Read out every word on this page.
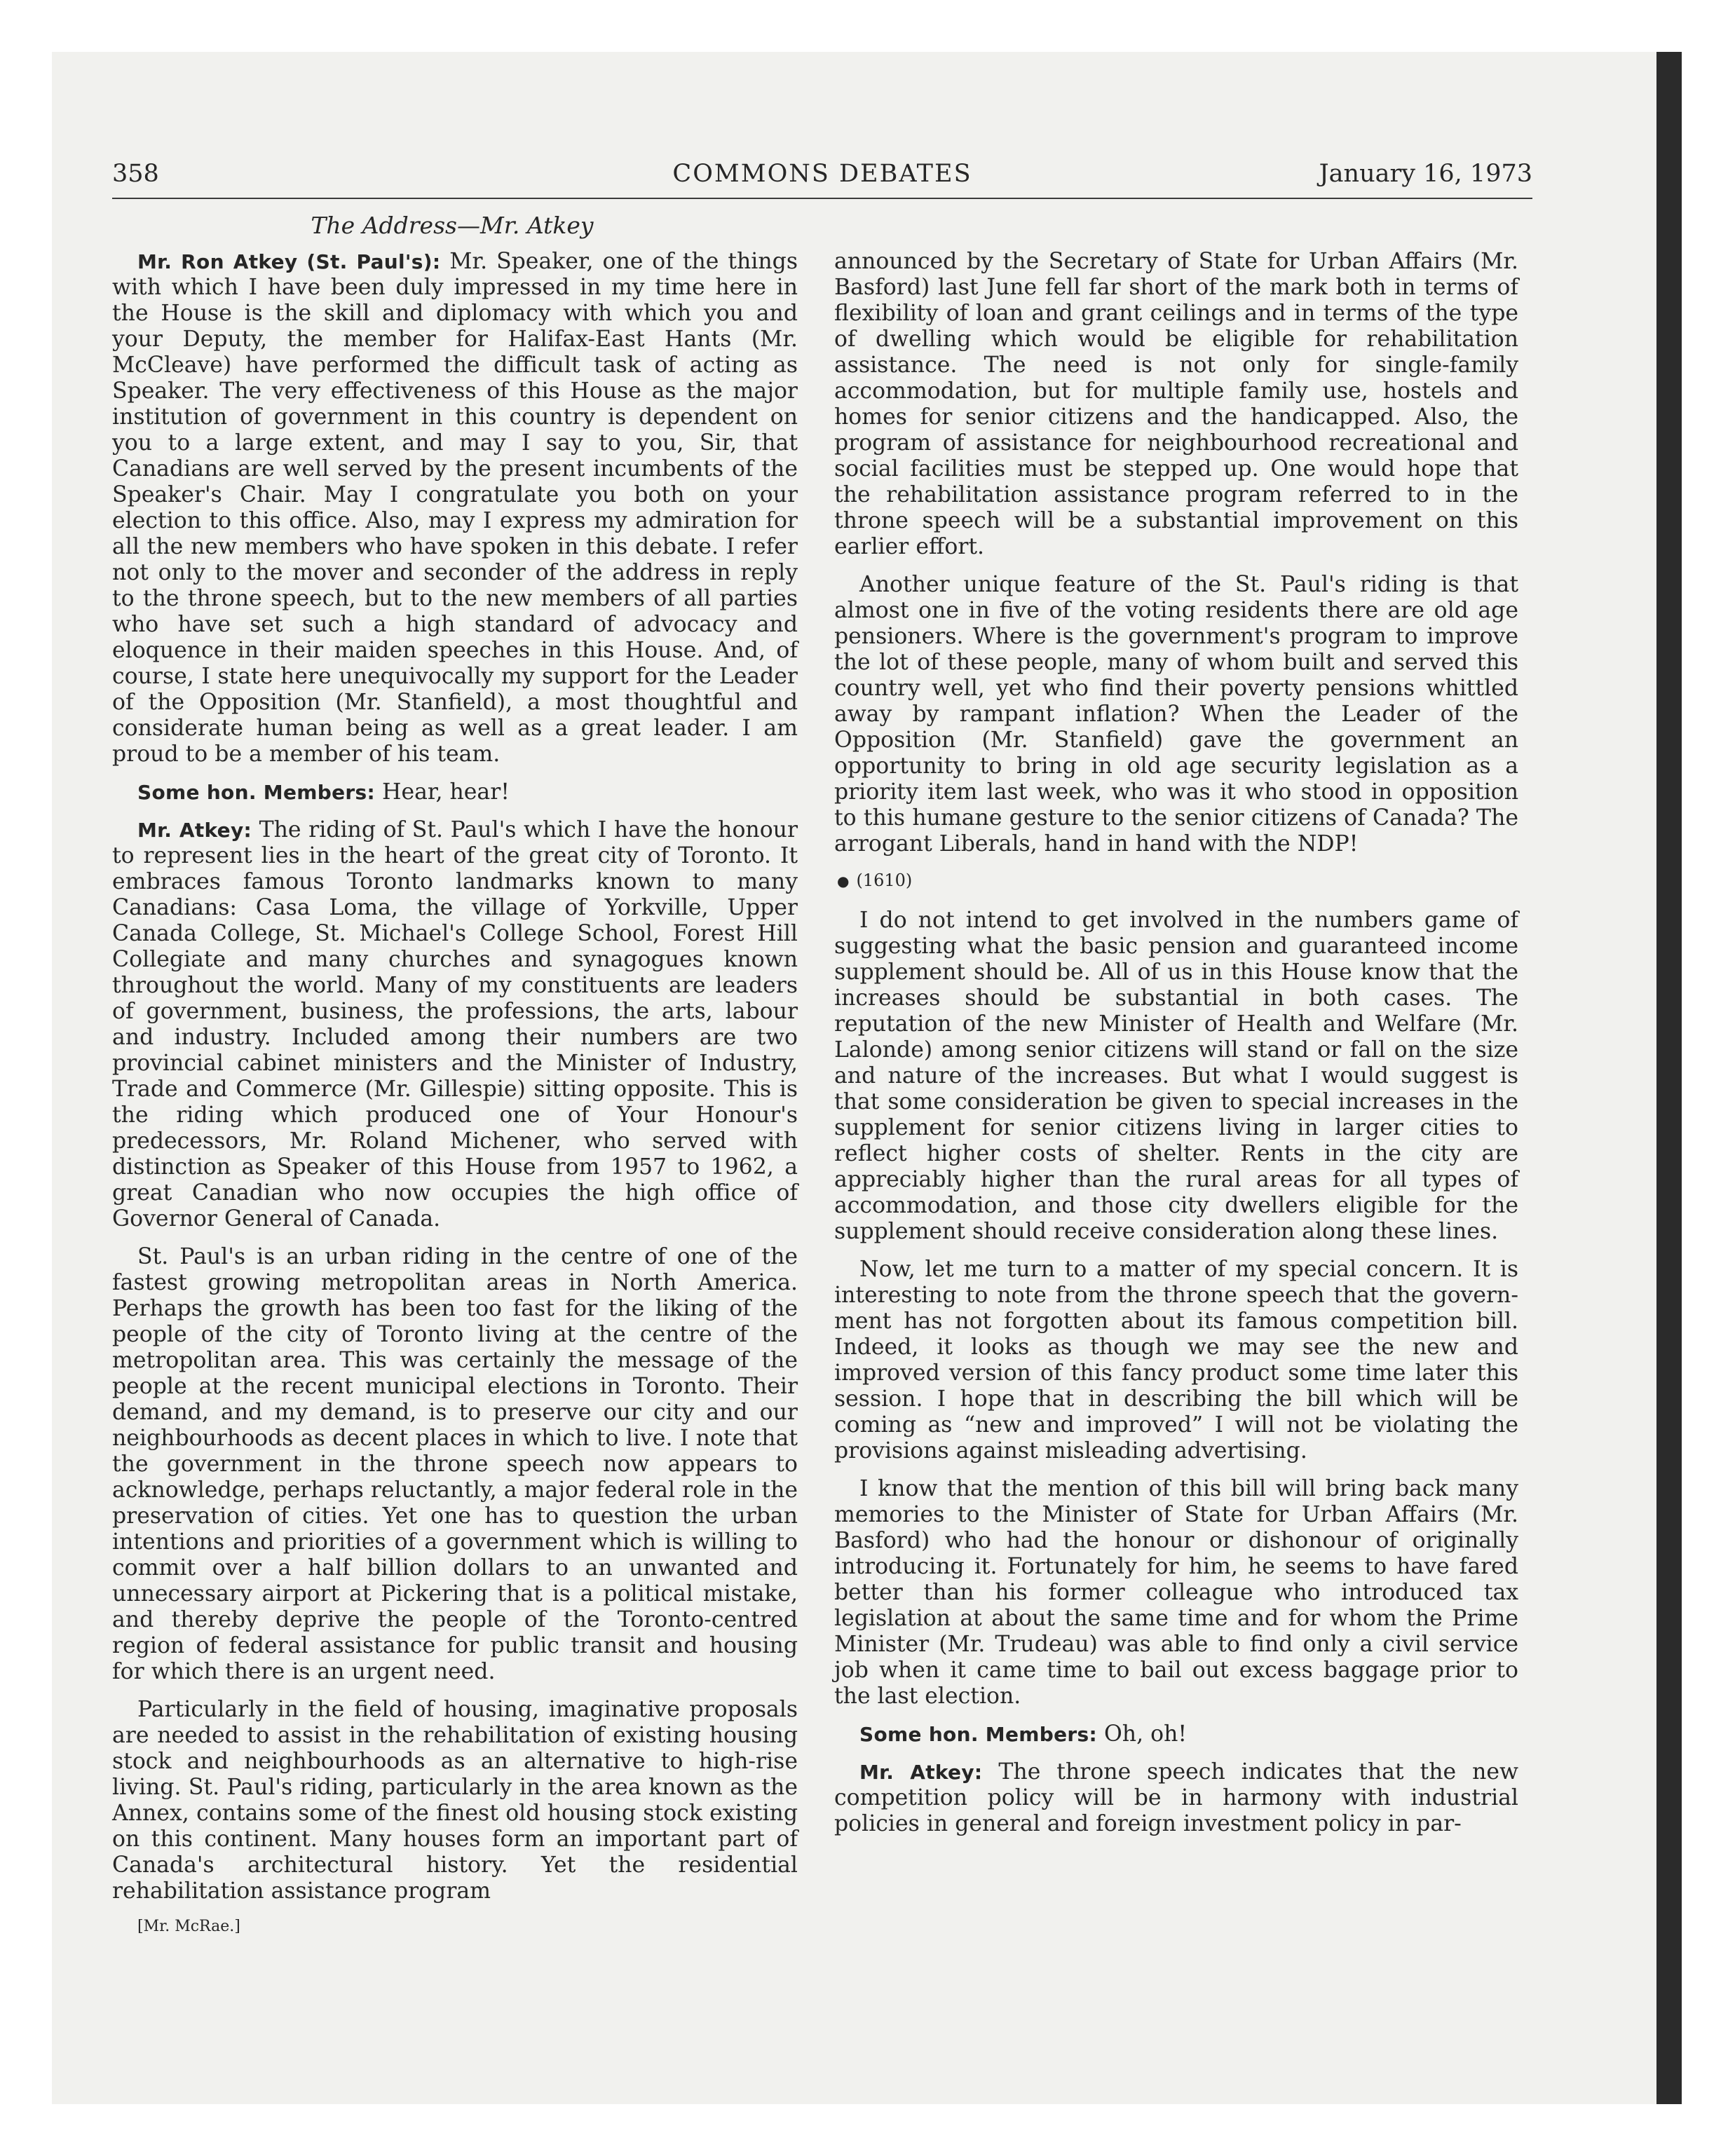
358	COMMONS DEBATES	January 16, 1973
The Address—Mr. Atkey

Mr. Ron Atkey (St. Paul's): Mr. Speaker, one of the things with which I have been duly impressed in my time here in the House is the skill and diplomacy with which you and your Deputy, the member for Halifax-East Hants (Mr. McCleave) have performed the difficult task of acting as Speaker. The very effectiveness of this House as the major institution of government in this country is dependent on you to a large extent, and may I say to you, Sir, that Canadians are well served by the present incumbents of the Speaker's Chair. May I congratulate you both on your election to this office. Also, may I express my admiration for all the new members who have spoken in this debate. I refer not only to the mover and seconder of the address in reply to the throne speech, but to the new members of all parties who have set such a high standard of advocacy and eloquence in their maiden speeches in this House. And, of course, I state here unequivocally my support for the Leader of the Opposition (Mr. Stanfield), a most thoughtful and considerate human being as well as a great leader. I am proud to be a member of his team.

Some hon. Members: Hear, hear!

Mr. Atkey: The riding of St. Paul's which I have the honour to represent lies in the heart of the great city of Toronto. It embraces famous Toronto landmarks known to many Canadians: Casa Loma, the village of Yorkville, Upper Canada College, St. Michael's College School, Forest Hill Collegiate and many churches and synagogues known throughout the world. Many of my constituents are leaders of government, business, the professions, the arts, labour and industry. Included among their numbers are two provincial cabinet ministers and the Minister of Industry, Trade and Commerce (Mr. Gillespie) sitting opposite. This is the riding which produced one of Your Honour's predecessors, Mr. Roland Michener, who served with distinction as Speaker of this House from 1957 to 1962, a great Canadian who now occupies the high office of Governor General of Canada.

St. Paul's is an urban riding in the centre of one of the fastest growing metropolitan areas in North America. Perhaps the growth has been too fast for the liking of the people of the city of Toronto living at the centre of the metropolitan area. This was certainly the message of the people at the recent municipal elections in Toronto. Their demand, and my demand, is to preserve our city and our neighbourhoods as decent places in which to live. I note that the government in the throne speech now appears to acknowledge, perhaps reluctantly, a major federal role in the preservation of cities. Yet one has to question the urban intentions and priorities of a government which is willing to commit over a half billion dollars to an unwanted and unnecessary airport at Pickering that is a political mistake, and thereby deprive the people of the Toronto-centred region of federal assistance for public transit and housing for which there is an urgent need.

Particularly in the field of housing, imaginative proposals are needed to assist in the rehabilitation of existing housing stock and neighbourhoods as an alternative to high-rise living. St. Paul's riding, particularly in the area known as the Annex, contains some of the finest old housing stock existing on this continent. Many houses form an important part of Canada's architectural history. Yet the residential rehabilitation assistance program

[Mr. McRae.]

announced by the Secretary of State for Urban Affairs (Mr. Basford) last June fell far short of the mark both in terms of flexibility of loan and grant ceilings and in terms of the type of dwelling which would be eligible for rehabilitation assistance. The need is not only for single-family accommodation, but for multiple family use, hostels and homes for senior citizens and the handicapped. Also, the program of assistance for neighbourhood recreational and social facilities must be stepped up. One would hope that the rehabilitation assistance program referred to in the throne speech will be a substantial improvement on this earlier effort.

Another unique feature of the St. Paul's riding is that almost one in five of the voting residents there are old age pensioners. Where is the government's program to improve the lot of these people, many of whom built and served this country well, yet who find their poverty pensions whittled away by rampant inflation? When the Leader of the Opposition (Mr. Stanfield) gave the government an opportunity to bring in old age security legislation as a priority item last week, who was it who stood in opposition to this humane gesture to the senior citizens of Canada? The arrogant Liberals, hand in hand with the NDP!

● (1610)

I do not intend to get involved in the numbers game of suggesting what the basic pension and guaranteed income supplement should be. All of us in this House know that the increases should be substantial in both cases. The reputation of the new Minister of Health and Welfare (Mr. Lalonde) among senior citizens will stand or fall on the size and nature of the increases. But what I would suggest is that some consideration be given to special increases in the supplement for senior citizens living in larger cities to reflect higher costs of shelter. Rents in the city are appreciably higher than the rural areas for all types of accommodation, and those city dwellers eligible for the supplement should receive consideration along these lines.

Now, let me turn to a matter of my special concern. It is interesting to note from the throne speech that the government has not forgotten about its famous competition bill. Indeed, it looks as though we may see the new and improved version of this fancy product some time later this session. I hope that in describing the bill which will be coming as “new and improved” I will not be violating the provisions against misleading advertising.

I know that the mention of this bill will bring back many memories to the Minister of State for Urban Affairs (Mr. Basford) who had the honour or dishonour of originally introducing it. Fortunately for him, he seems to have fared better than his former colleague who introduced tax legislation at about the same time and for whom the Prime Minister (Mr. Trudeau) was able to find only a civil service job when it came time to bail out excess baggage prior to the last election.

Some hon. Members: Oh, oh!

Mr. Atkey: The throne speech indicates that the new competition policy will be in harmony with industrial policies in general and foreign investment policy in par-
